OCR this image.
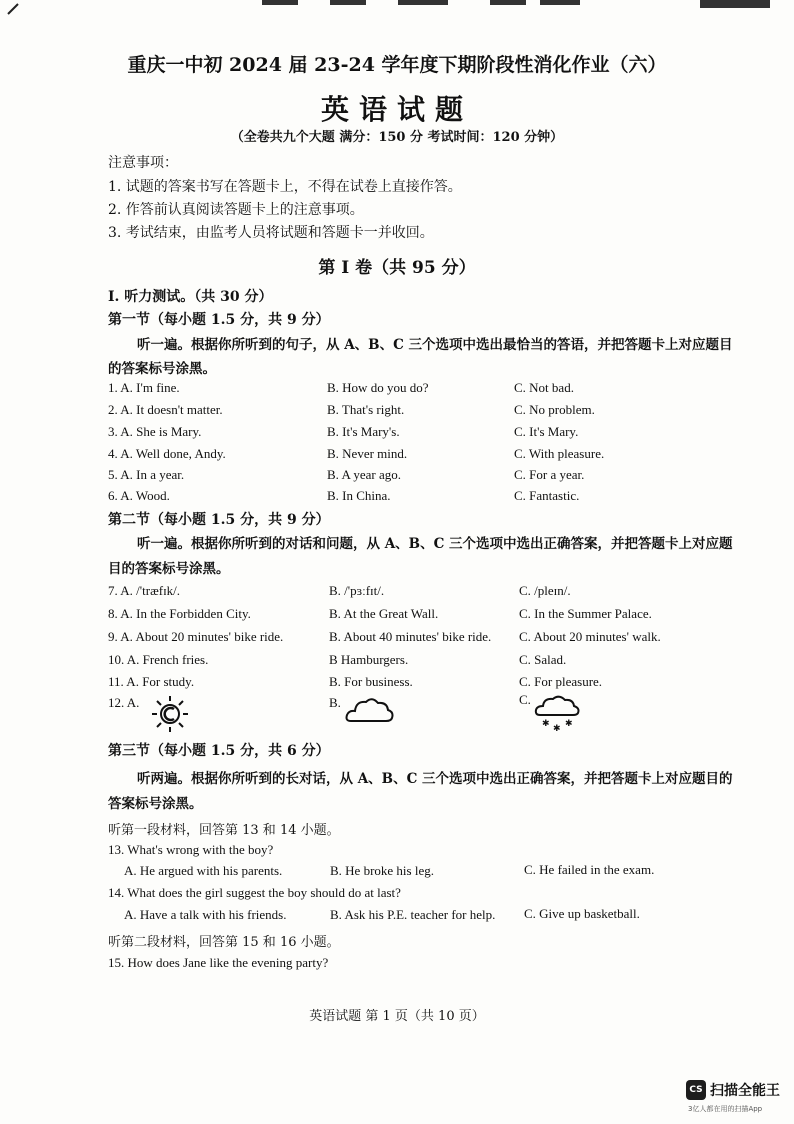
重庆一中初 2024 届 23-24 学年度下期阶段性消化作业（六）
英语试题
（全卷共九个大题 满分：150 分 考试时间：120 分钟）
注意事项：
1. 试题的答案书写在答题卡上，不得在试卷上直接作答。
2. 作答前认真阅读答题卡上的注意事项。
3. 考试结束，由监考人员将试题和答题卡一并收回。
第 I 卷（共 95 分）
I. 听力测试。（共 30 分）
第一节（每小题 1.5 分，共 9 分）
听一遍。根据你所听到的句子，从 A、B、C 三个选项中选出最恰当的答语，并把答题卡上对应题目
的答案标号涂黑。
1. A. I'm fine.	B. How do you do?	C. Not bad.
2. A. It doesn't matter.	B. That's right.	C. No problem.
3. A. She is Mary.	B. It's Mary's.	C. It's Mary.
4. A. Well done, Andy.	B. Never mind.	C. With pleasure.
5. A. In a year.	B. A year ago.	C. For a year.
6. A. Wood.	B. In China.	C. Fantastic.
第二节（每小题 1.5 分，共 9 分）
听一遍。根据你所听到的对话和问题，从 A、B、C 三个选项中选出正确答案，并把答题卡上对应题
目的答案标号涂黑。
7. A. /'træfɪk/.	B. /'pɜːfɪt/.	C. /pleɪn/.
8. A. In the Forbidden City.	B. At the Great Wall.	C. In the Summer Palace.
9. A. About 20 minutes' bike ride.	B. About 40 minutes' bike ride. C. About 20 minutes' walk.
10. A. French fries.	B Hamburgers.	C. Salad.
11. A. For study.	B. For business.	C. For pleasure.
12. A.	B.	C.
✱ ✱ ✱
第三节（每小题 1.5 分，共 6 分）
听两遍。根据你所听到的长对话，从 A、B、C 三个选项中选出正确答案，并把答题卡上对应题目的
答案标号涂黑。
听第一段材料，回答第 13 和 14 小题。
13. What's wrong with the boy?
A. He argued with his parents.	B. He broke his leg.	C. He failed in the exam.
14. What does the girl suggest the boy should do at last?
A. Have a talk with his friends.	B. Ask his P.E. teacher for help. C. Give up basketball.
听第二段材料，回答第 15 和 16 小题。
15. How does Jane like the evening party?
英语试题 第 1 页（共 10 页）
CS 扫描全能王
3亿人都在用的扫描App
